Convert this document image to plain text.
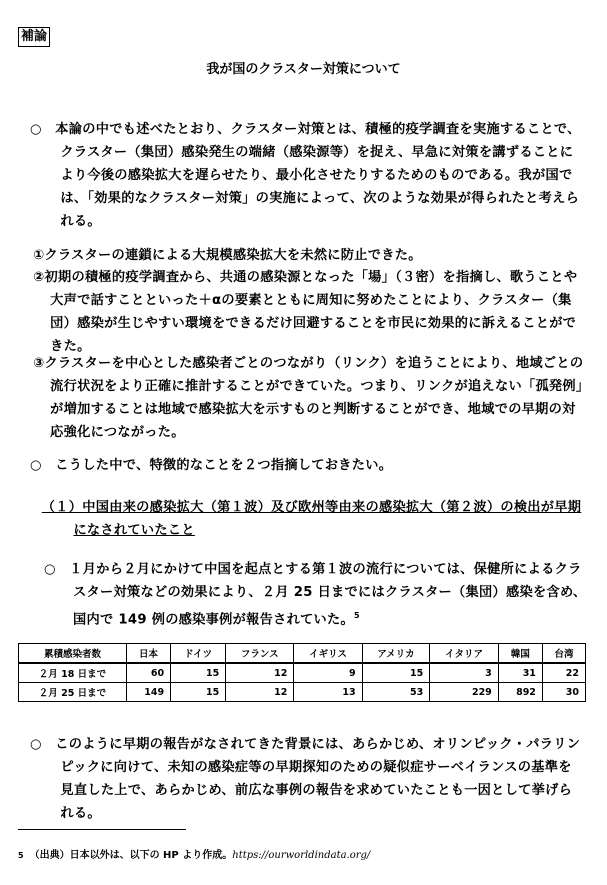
補論
我が国のクラスター対策について
○　本論の中でも述べたとおり、クラスター対策とは、積極的疫学調査を実施することで、クラスター（集団）感染発生の端緒（感染源等）を捉え、早急に対策を講ずることにより今後の感染拡大を遅らせたり、最小化させたりするためのものである。我が国では、「効果的なクラスター対策」の実施によって、次のような効果が得られたと考えられる。
①クラスターの連鎖による大規模感染拡大を未然に防止できた。
②初期の積極的疫学調査から、共通の感染源となった「場」（３密）を指摘し、歌うことや大声で話すことといった＋αの要素とともに周知に努めたことにより、クラスター（集団）感染が生じやすい環境をできるだけ回避することを市民に効果的に訴えることができた。
③クラスターを中心とした感染者ごとのつながり（リンク）を追うことにより、地域ごとの流行状況をより正確に推計することができていた。つまり、リンクが追えない「孤発例」が増加することは地域で感染拡大を示すものと判断することができ、地域での早期の対応強化につながった。
○　こうした中で、特徴的なことを２つ指摘しておきたい。
（１）中国由来の感染拡大（第１波）及び欧州等由来の感染拡大（第２波）の検出が早期になされていたこと
○　１月から２月にかけて中国を起点とする第１波の流行については、保健所によるクラスター対策などの効果により、２月 25 日までにはクラスター（集団）感染を含め、国内で 149 例の感染事例が報告されていた。$^5$
累積感染者数	日本	ドイツ	フランス	イギリス	アメリカ	イタリア	韓国	台湾
２月 18 日まで	60	15	12	9	15	3	31	22
２月 25 日まで	149	15	12	13	53	229	892	30
○　このように早期の報告がなされてきた背景には、あらかじめ、オリンピック・パラリンピックに向けて、未知の感染症等の早期探知のための疑似症サーベイランスの基準を見直した上で、あらかじめ、前広な事例の報告を求めていたことも一因として挙げられる。
5 （出典）日本以外は、以下の HP より作成。https://ourworldindata.org/
